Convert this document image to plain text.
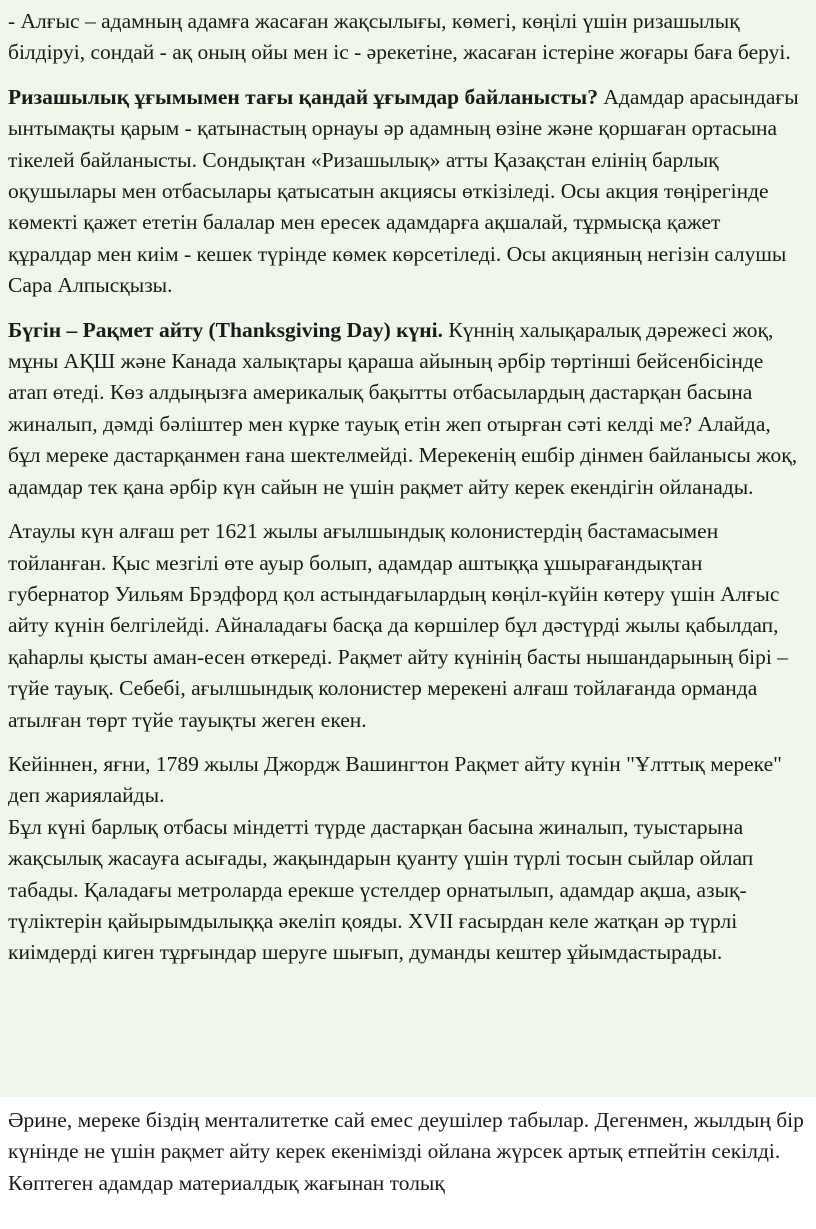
- Алғыс – адамның адамға жасаған жақсылығы, көмегі, көңілі үшін ризашылық білдіруі, сондай - ақ оның ойы мен іс - әрекетіне, жасаған істеріне жоғары баға беруі.

Ризашылық ұғымымен тағы қандай ұғымдар байланысты? Адамдар арасындағы ынтымақты қарым - қатынастың орнауы әр адамның өзіне және қоршаған ортасына тікелей байланысты. Сондықтан «Ризашылық» атты Қазақстан елінің барлық оқушылары мен отбасылары қатысатын акциясы өткізіледі. Осы акция төңірегінде көмекті қажет ететін балалар мен ересек адамдарға ақшалай, тұрмысқа қажет құралдар мен киім - кешек түрінде көмек көрсетіледі. Осы акцияның негізін салушы Сара Алпысқызы.

Бүгін – Рақмет айту (Thanksgiving Day) күні. Күннің халықаралық дәрежесі жоқ, мұны АҚШ және Канада халықтары қараша айының әрбір төртінші бейсенбісінде атап өтеді. Көз алдыңызға америкалық бақытты отбасылардың дастарқан басына жиналып, дәмді бәліштер мен күрке тауық етін жеп отырған сәті келді ме? Алайда, бұл мереке дастарқанмен ғана шектелмейді. Мерекенің ешбір дінмен байланысы жоқ, адамдар тек қана әрбір күн сайын не үшін рақмет айту керек екендігін ойланады.

Атаулы күн алғаш рет 1621 жылы ағылшындық колонистердің бастамасымен тойланған. Қыс мезгілі өте ауыр болып, адамдар аштыққа ұшырағандықтан губернатор Уильям Брэдфорд қол астындағылардың көңіл-күйін көтеру үшін Алғыс айту күнін белгілейді. Айналадағы басқа да көршілер бұл дәстүрді жылы қабылдап, қаһарлы қысты аман-есен өткереді. Рақмет айту күнінің басты нышандарының бірі – түйе тауық. Себебі, ағылшындық колонистер мерекені алғаш тойлағанда орманда атылған төрт түйе тауықты жеген екен.

Кейіннен, яғни, 1789 жылы Джордж Вашингтон Рақмет айту күнін "Ұлттық мереке" деп жариялайды.

Бұл күні барлық отбасы міндетті түрде дастарқан басына жиналып, туыстарына жақсылық жасауға асығады, жақындарын қуанту үшін түрлі тосын сыйлар ойлап табады. Қаладағы метроларда ерекше үстелдер орнатылып, адамдар ақша, азық-түліктерін қайырымдылыққа әкеліп қояды. XVII ғасырдан келе жатқан әр түрлі киімдерді киген тұрғындар шеруге шығып, думанды кештер ұйымдастырады.

Әрине, мереке біздің менталитетке сай емес деушілер табылар. Дегенмен, жылдың бір күнінде не үшін рақмет айту керек екенімізді ойлана жүрсек артық етпейтін секілді. Көптеген адамдар материалдық жағынан толық
